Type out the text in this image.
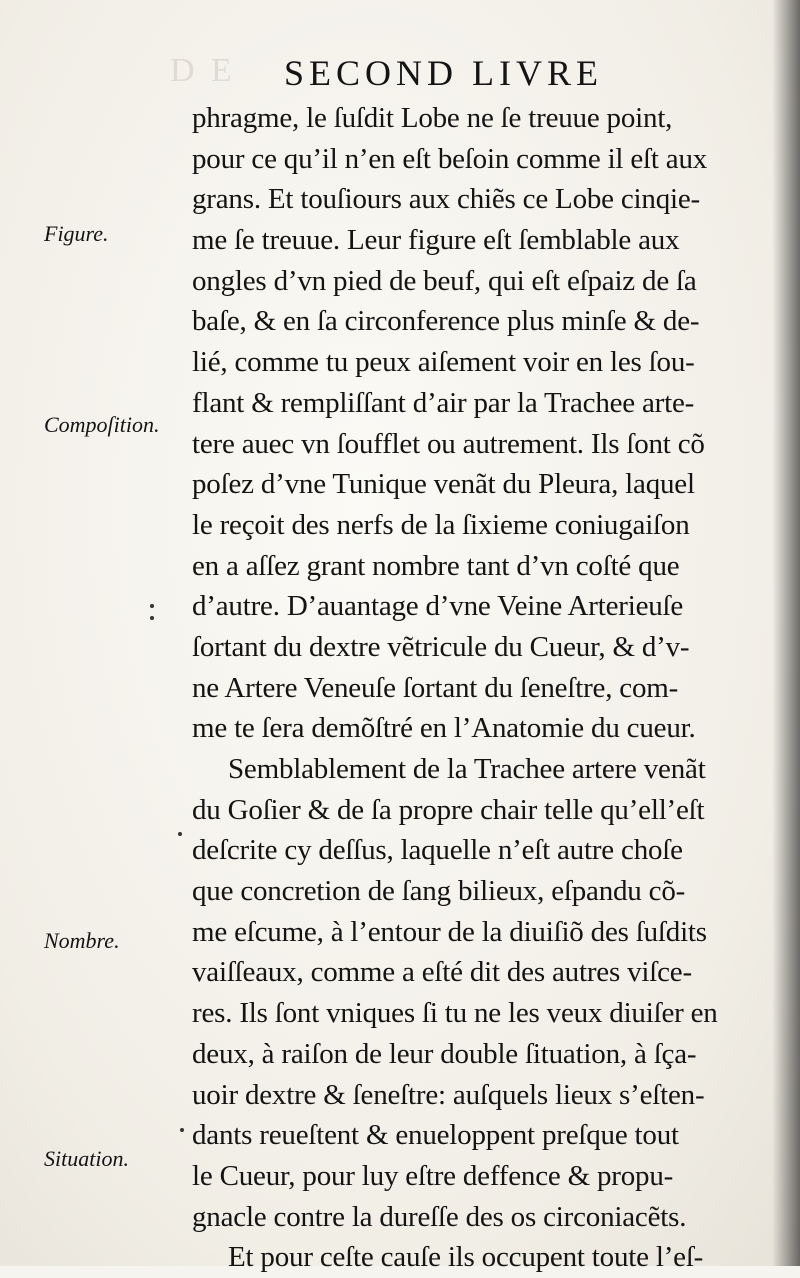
D E SECOND LIVRE
Figure.
Compoſition.
Nombre.
Situation.
phragme, le ſuſdit Lobe ne ſe treuue point,
pour ce qu’il n’en eſt beſoin comme il eſt aux
grans. Et touſiours aux chiẽs ce Lobe cinqie-
me ſe treuue. Leur figure eſt ſemblable aux
ongles d’vn pied de beuf, qui eſt eſpaiz de ſa
baſe, & en ſa circonference plus minſe & de-
lié, comme tu peux aiſement voir en les ſou-
flant & rempliſſant d’air par la Trachee arte-
tere auec vn ſoufflet ou autrement. Ils ſont cõ
poſez d’vne Tunique venãt du Pleura, laquel
le reçoit des nerfs de la ſixieme coniugaiſon
en a aſſez grant nombre tant d’vn coſté que
d’autre. D’auantage d’vne Veine Arterieuſe
ſortant du dextre vẽtricule du Cueur, & d’v-
ne Artere Veneuſe ſortant du ſeneſtre, com-
me te ſera demõſtré en l’Anatomie du cueur.
Semblablement de la Trachee artere venãt
du Goſier & de ſa propre chair telle qu’ell’eſt
deſcrite cy deſſus, laquelle n’eſt autre choſe
que concretion de ſang bilieux, eſpandu cõ-
me eſcume, à l’entour de la diuiſiõ des ſuſdits
vaiſſeaux, comme a eſté dit des autres viſce-
res. Ils ſont vniques ſi tu ne les veux diuiſer en
deux, à raiſon de leur double ſituation, à ſça-
uoir dextre & ſeneſtre: auſquels lieux s’eſten-
dants reueſtent & enueloppent preſque tout
le Cueur, pour luy eſtre deffence & propu-
gnacle contre la dureſſe des os circoniacẽts.
Et pour ceſte cauſe ils occupent toute l’eſ-
